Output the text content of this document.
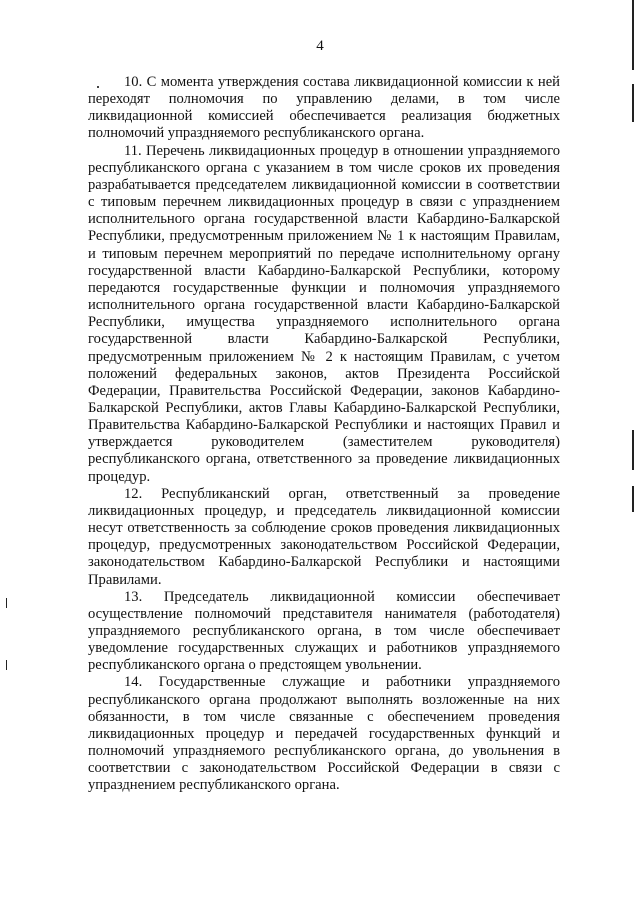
4

10. С момента утверждения состава ликвидационной комиссии к ней переходят полномочия по управлению делами, в том числе ликвидационной комиссией обеспечивается реализация бюджетных полномочий упраздняемого республиканского органа.

11. Перечень ликвидационных процедур в отношении упраздняемого республиканского органа с указанием в том числе сроков их проведения разрабатывается председателем ликвидационной комиссии в соответствии с типовым перечнем ликвидационных процедур в связи с упразднением исполнительного органа государственной власти Кабардино-Балкарской Республики, предусмотренным приложением № 1 к настоящим Правилам, и типовым перечнем мероприятий по передаче исполнительному органу государственной власти Кабардино-Балкарской Республики, которому передаются государственные функции и полномочия упраздняемого исполнительного органа государственной власти Кабардино-Балкарской Республики, имущества упраздняемого исполнительного органа государственной власти Кабардино-Балкарской Республики, предусмотренным приложением № 2 к настоящим Правилам, с учетом положений федеральных законов, актов Президента Российской Федерации, Правительства Российской Федерации, законов Кабардино-Балкарской Республики, актов Главы Кабардино-Балкарской Республики, Правительства Кабардино-Балкарской Республики и настоящих Правил и утверждается руководителем (заместителем руководителя) республиканского органа, ответственного за проведение ликвидационных процедур.

12. Республиканский орган, ответственный за проведение ликвидационных процедур, и председатель ликвидационной комиссии несут ответственность за соблюдение сроков проведения ликвидационных процедур, предусмотренных законодательством Российской Федерации, законодательством Кабардино-Балкарской Республики и настоящими Правилами.

13. Председатель ликвидационной комиссии обеспечивает осуществление полномочий представителя нанимателя (работодателя) упраздняемого республиканского органа, в том числе обеспечивает уведомление государственных служащих и работников упраздняемого республиканского органа о предстоящем увольнении.

14. Государственные служащие и работники упраздняемого республиканского органа продолжают выполнять возложенные на них обязанности, в том числе связанные с обеспечением проведения ликвидационных процедур и передачей государственных функций и полномочий упраздняемого республиканского органа, до увольнения в соответствии с законодательством Российской Федерации в связи с упразднением республиканского органа.
